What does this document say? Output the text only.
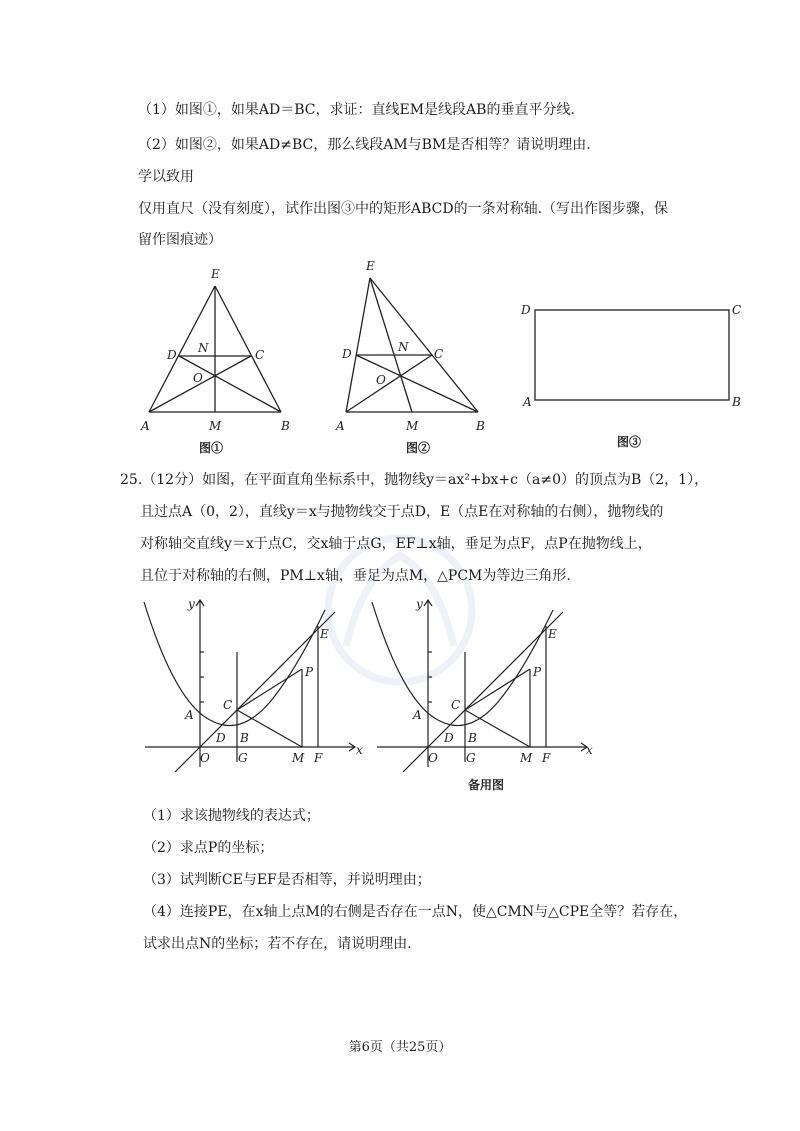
（1）如图①，如果AD＝BC，求证：直线EM是线段AB的垂直平分线.
（2）如图②，如果AD≠BC，那么线段AM与BM是否相等？请说明理由.
学以致用
仅用直尺（没有刻度），试作出图③中的矩形ABCD的一条对称轴.（写出作图步骤，保
留作图痕迹）
E
D N	C
O
A	M	B
图①
E
D	N C
O
A	M	B
图②
D	C
A	B
图③
25.（12分）如图，在平面直角坐标系中，抛物线y＝ax²+bx+c（a≠0）的顶点为B（2，1），
且过点A（0，2），直线y＝x与抛物线交于点D，E（点E在对称轴的右侧），抛物线的
对称轴交直线y＝x于点C，交x轴于点G，EF⊥x轴，垂足为点F，点P在抛物线上，
且位于对称轴的右侧，PM⊥x轴，垂足为点M，△PCM为等边三角形.
y
x
E
P
C
A
D B
O G	M F
y
x
E
P
C
A
D B
O G	M F
备用图
（1）求该抛物线的表达式；
（2）求点P的坐标；
（3）试判断CE与EF是否相等，并说明理由；
（4）连接PE，在x轴上点M的右侧是否存在一点N，使△CMN与△CPE全等？若存在，
试求出点N的坐标；若不存在，请说明理由.
第6页（共25页）
